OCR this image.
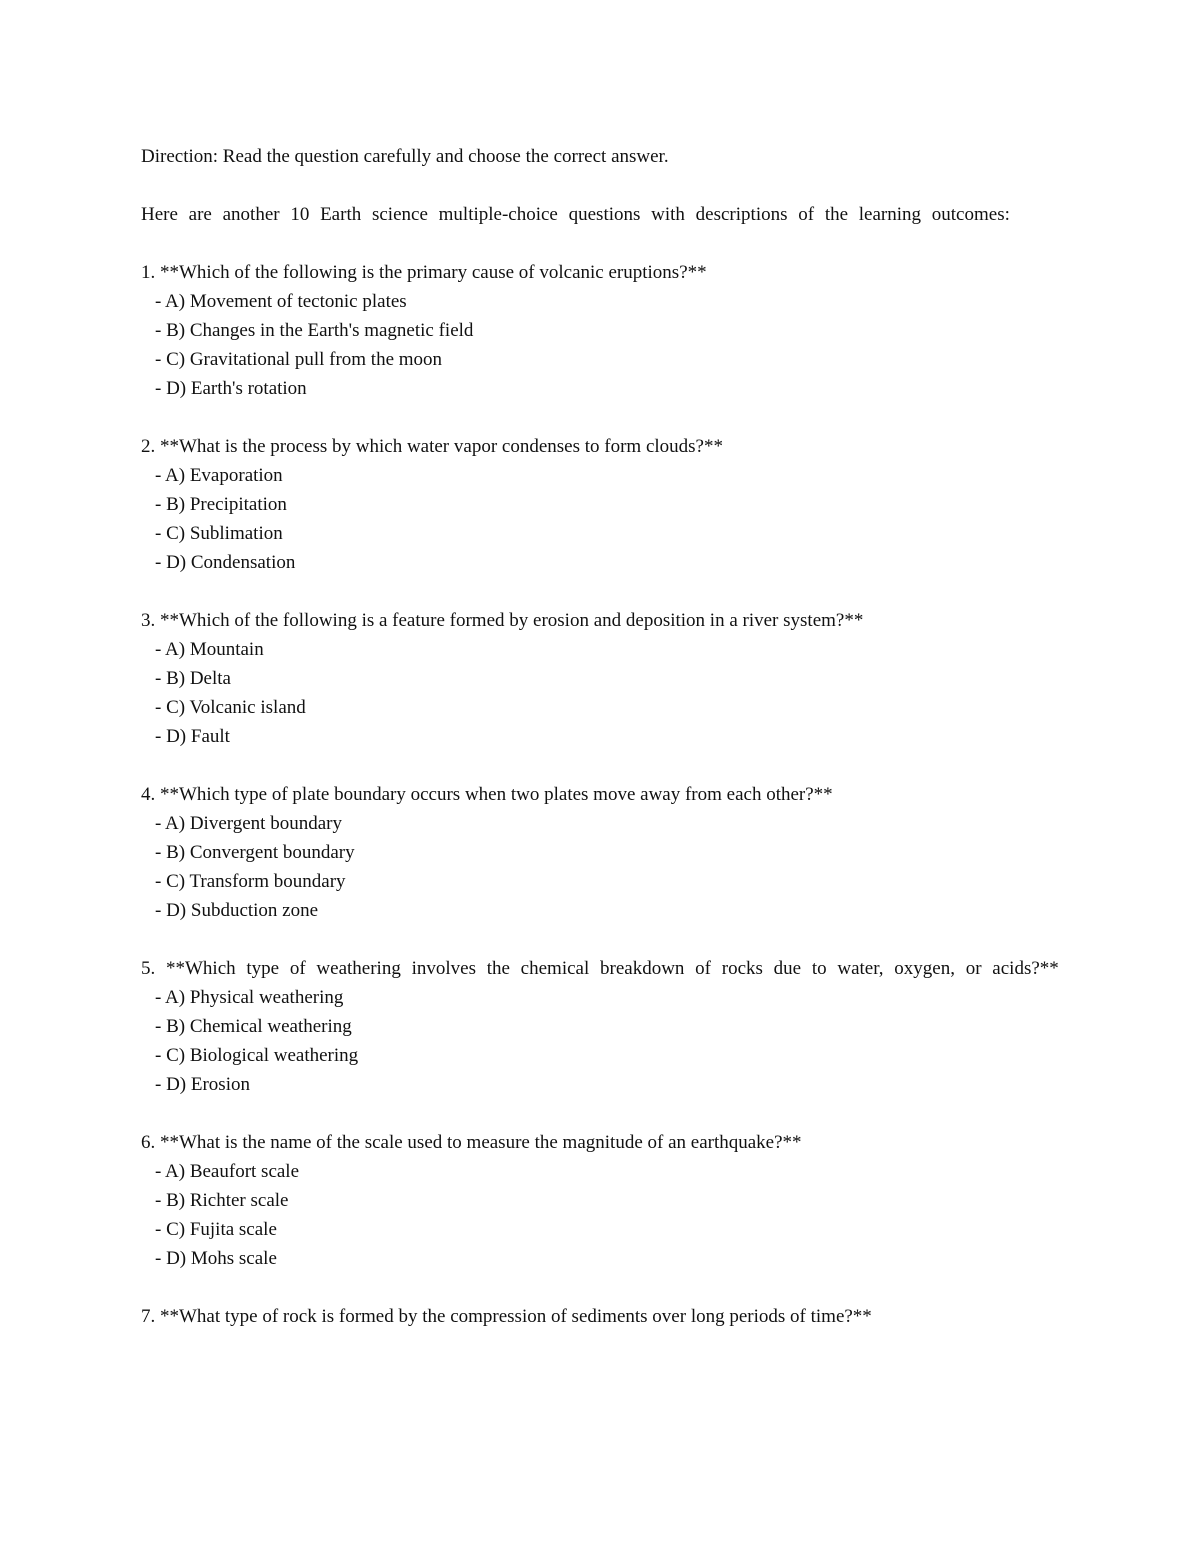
Direction: Read the question carefully and choose the correct answer.

Here are another 10 Earth science multiple-choice questions with descriptions of the learning outcomes:

1. **Which of the following is the primary cause of volcanic eruptions?**

- A) Movement of tectonic plates
- B) Changes in the Earth's magnetic field
- C) Gravitational pull from the moon
- D) Earth's rotation

2. **What is the process by which water vapor condenses to form clouds?**

- A) Evaporation
- B) Precipitation
- C) Sublimation
- D) Condensation

3. **Which of the following is a feature formed by erosion and deposition in a river system?**

- A) Mountain
- B) Delta
- C) Volcanic island
- D) Fault

4. **Which type of plate boundary occurs when two plates move away from each other?**

- A) Divergent boundary
- B) Convergent boundary
- C) Transform boundary
- D) Subduction zone

5. **Which type of weathering involves the chemical breakdown of rocks due to water, oxygen, or acids?**

- A) Physical weathering
- B) Chemical weathering
- C) Biological weathering
- D) Erosion

6. **What is the name of the scale used to measure the magnitude of an earthquake?**

- A) Beaufort scale
- B) Richter scale
- C) Fujita scale
- D) Mohs scale

7. **What type of rock is formed by the compression of sediments over long periods of time?**
